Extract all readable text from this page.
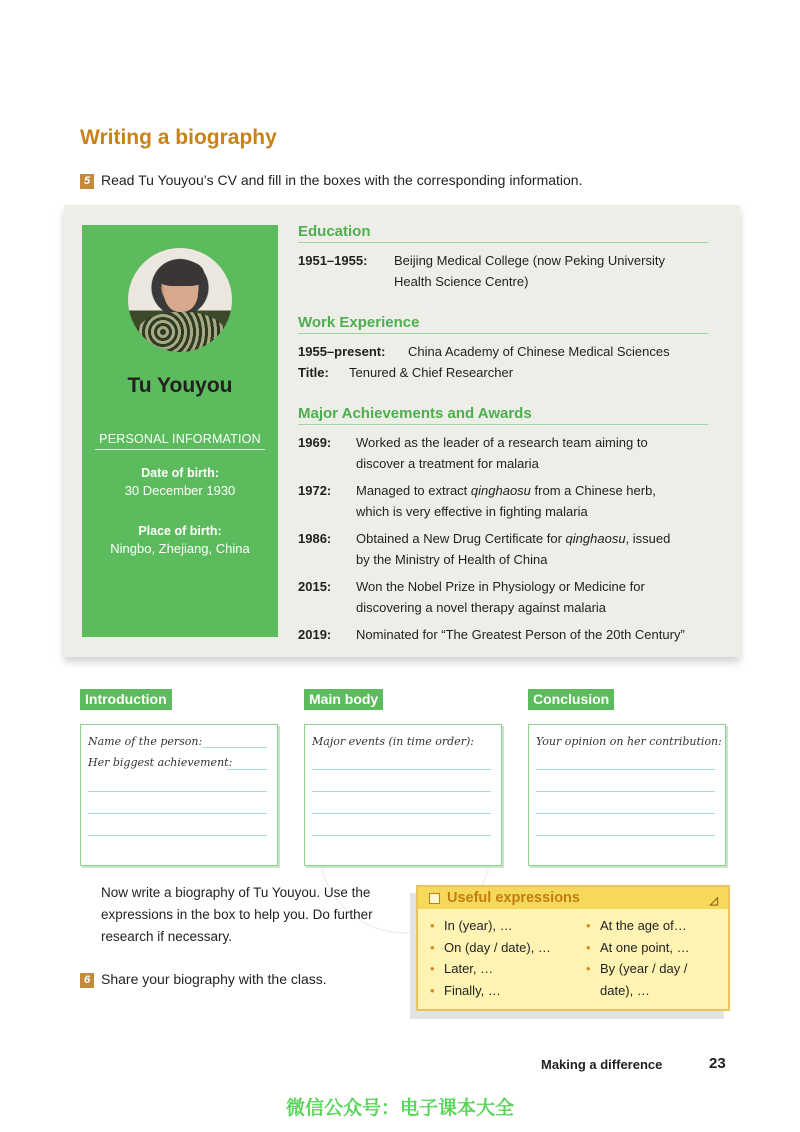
Writing a biography
5 Read Tu Youyou’s CV and fill in the boxes with the corresponding information.
Tu Youyou
PERSONAL INFORMATION
Date of birth:
30 December 1930
Place of birth:
Ningbo, Zhejiang, China
Education
1951–1955:	Beijing Medical College (now Peking University
Health Science Centre)
Work Experience
1955–present:	China Academy of Chinese Medical Sciences
Title:	Tenured & Chief Researcher
Major Achievements and Awards
1969:	Worked as the leader of a research team aiming to
discover a treatment for malaria
1972:	Managed to extract qinghaosu from a Chinese herb,
which is very effective in fighting malaria
1986:	Obtained a New Drug Certificate for qinghaosu, issued
by the Ministry of Health of China
2015:	Won the Nobel Prize in Physiology or Medicine for
discovering a novel therapy against malaria
2019:	Nominated for “The Greatest Person of the 20th Century”
Introduction
Name of the person:
Her biggest achievement:
Main body
Major events (in time order):
Conclusion
Your opinion on her contribution:

Now write a biography of Tu Youyou. Use the expressions in the box to help you. Do further research if necessary.

6 Share your biography with the class.
Useful expressions	◿
• In (year), …
• On (day / date), …
• Later, …
• Finally, …
• At the age of…
• At one point, …
• By (year / day /
date), …
Making a difference	23
微信公众号：电子课本大全
